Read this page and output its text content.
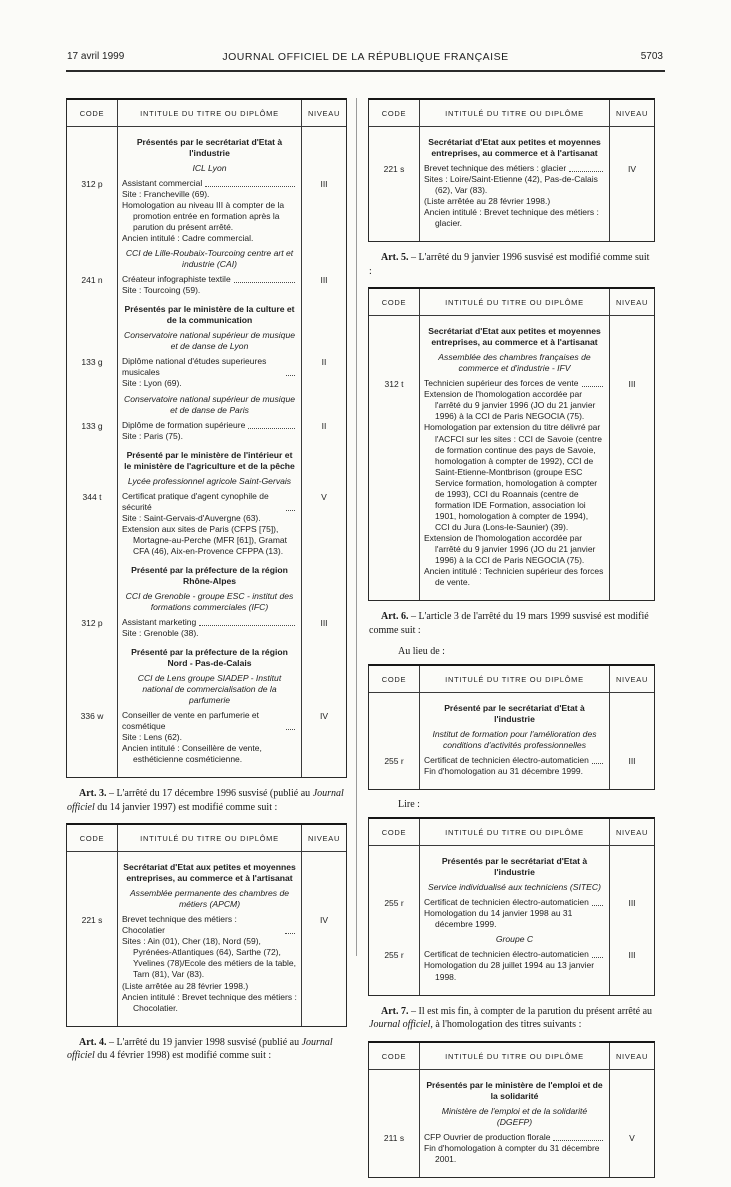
17 avril 1999	JOURNAL OFFICIEL DE LA RÉPUBLIQUE FRANÇAISE	5703
CODE	INTITULE DU TITRE OU DIPLÔME	NIVEAU
Présentés par le secrétariat d'Etat à l'industrie
ICL Lyon
312 p	Assistant commercial
Site : Francheville (69).
Homologation au niveau III à compter de la promotion entrée en formation après la parution du présent arrêté.
Ancien intitulé : Cadre commercial.
III
CCI de Lille-Roubaix-Tourcoing centre art et industrie (CAI)
241 n	Créateur infographiste textile
Site : Tourcoing (59).
III
Présentés par le ministère de la culture et de la communication
Conservatoire national supérieur de musique et de danse de Lyon
133 g	Diplôme national d'études superieures musicales
Site : Lyon (69).
II
Conservatoire national supérieur de musique et de danse de Paris
133 g	Diplôme de formation supérieure
Site : Paris (75).
II
Présenté par le ministère de l'intérieur et le ministère de l'agriculture et de la pêche
Lycée professionnel agricole Saint-Gervais
344 t	Certificat pratique d'agent cynophile de sécurité
Site : Saint-Gervais-d'Auvergne (63).
Extension aux sites de Paris (CFPS [75]), Mortagne-au-Perche (MFR [61]), Gramat CFA (46), Aix-en-Provence CFPPA (13).
V
Présenté par la préfecture de la région Rhône-Alpes
CCI de Grenoble - groupe ESC - institut des formations commerciales (IFC)
312 p	Assistant marketing
Site : Grenoble (38).
III
Présenté par la préfecture de la région Nord - Pas-de-Calais
CCI de Lens groupe SIADEP - Institut national de commercialisation de la parfumerie
336 w	Conseiller de vente en parfumerie et cosmétique
Site : Lens (62).
Ancien intitulé : Conseillère de vente, esthéticienne cosméticienne.
IV

Art. 3. – L'arrêté du 17 décembre 1996 susvisé (publié au Journal officiel du 14 janvier 1997) est modifié comme suit :

CODE	INTITULÉ DU TITRE OU DIPLÔME	NIVEAU
Secrétariat d'Etat aux petites et moyennes entreprises, au commerce et à l'artisanat
Assemblée permanente des chambres de métiers (APCM)
221 s	Brevet technique des métiers : Chocolatier
Sites : Ain (01), Cher (18), Nord (59), Pyrénées-Atlantiques (64), Sarthe (72), Yvelines (78)/Ecole des métiers de la table, Tarn (81), Var (83).
(Liste arrêtée au 28 février 1998.)
Ancien intitulé : Brevet technique des métiers : Chocolatier.
IV

Art. 4. – L'arrêté du 19 janvier 1998 susvisé (publié au Journal officiel du 4 février 1998) est modifié comme suit :

CODE	INTITULÉ DU TITRE OU DIPLÔME	NIVEAU
Secrétariat d'Etat aux petites et moyennes entreprises, au commerce et à l'artisanat
221 s	Brevet technique des métiers : glacier
Sites : Loire/Saint-Etienne (42), Pas-de-Calais (62), Var (83).
(Liste arrêtée au 28 février 1998.)
Ancien intitulé : Brevet technique des métiers : glacier.
IV

Art. 5. – L'arrêté du 9 janvier 1996 susvisé est modifié comme suit :

CODE	INTITULÉ DU TITRE OU DIPLÔME	NIVEAU
Secrétariat d'Etat aux petites et moyennes entreprises, au commerce et à l'artisanat
Assemblée des chambres françaises de commerce et d'industrie - IFV
312 t	Technicien supérieur des forces de vente
Extension de l'homologation accordée par l'arrêté du 9 janvier 1996 (JO du 21 janvier 1996) à la CCI de Paris NEGOCIA (75).
Homologation par extension du titre délivré par l'ACFCI sur les sites : CCI de Savoie (centre de formation continue des pays de Savoie, homologation à compter de 1992), CCI de Saint-Etienne-Montbrison (groupe ESC Service formation, homologation à compter de 1993), CCI du Roannais (centre de formation IDE Formation, association loi 1901, homologation à compter de 1994), CCI du Jura (Lons-le-Saunier) (39).
Extension de l'homologation accordée par l'arrêté du 9 janvier 1996 (JO du 21 janvier 1996) à la CCI de Paris NEGOCIA (75).
Ancien intitulé : Technicien supérieur des forces de vente.
III

Art. 6. – L'article 3 de l'arrêté du 19 mars 1999 susvisé est modifié comme suit :

Au lieu de :

CODE	INTITULÉ DU TITRE OU DIPLÔME	NIVEAU
Présenté par le secrétariat d'Etat à l'industrie
Institut de formation pour l'amélioration des conditions d'activités professionnelles
255 r	Certificat de technicien électro-automaticien
Fin d'homologation au 31 décembre 1999.
III

Lire :

CODE	INTITULÉ DU TITRE OU DIPLÔME	NIVEAU
Présentés par le secrétariat d'Etat à l'industrie
Service individualisé aux techniciens (SITEC)
255 r	Certificat de technicien électro-automaticien
Homologation du 14 janvier 1998 au 31 décembre 1999.
III
Groupe C
255 r	Certificat de technicien électro-automaticien
Homologation du 28 juillet 1994 au 13 janvier 1998.
III

Art. 7. – Il est mis fin, à compter de la parution du présent arrêté au Journal officiel, à l'homologation des titres suivants :

CODE	INTITULÉ DU TITRE OU DIPLÔME	NIVEAU
Présentés par le ministère de l'emploi et de la solidarité
Ministère de l'emploi et de la solidarité (DGEFP)
211 s	CFP Ouvrier de production florale
Fin d'homologation à compter du 31 décembre 2001.
V
